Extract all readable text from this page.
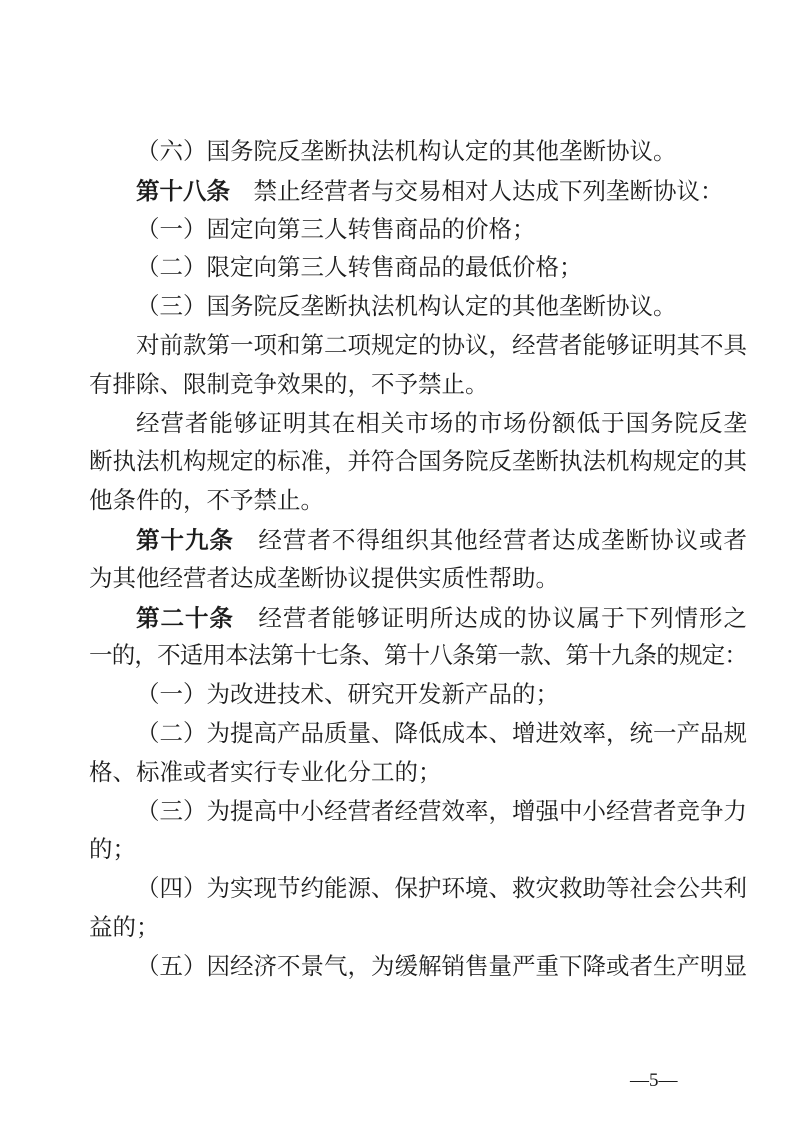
（六）国务院反垄断执法机构认定的其他垄断协议。
第十八条　禁止经营者与交易相对人达成下列垄断协议：
（一）固定向第三人转售商品的价格；
（二）限定向第三人转售商品的最低价格；
（三）国务院反垄断执法机构认定的其他垄断协议。
对前款第一项和第二项规定的协议，经营者能够证明其不具
有排除、限制竞争效果的，不予禁止。
经营者能够证明其在相关市场的市场份额低于国务院反垄
断执法机构规定的标准，并符合国务院反垄断执法机构规定的其
他条件的，不予禁止。
第十九条　经营者不得组织其他经营者达成垄断协议或者
为其他经营者达成垄断协议提供实质性帮助。
第二十条　经营者能够证明所达成的协议属于下列情形之
一的，不适用本法第十七条、第十八条第一款、第十九条的规定：
（一）为改进技术、研究开发新产品的；
（二）为提高产品质量、降低成本、增进效率，统一产品规
格、标准或者实行专业化分工的；
（三）为提高中小经营者经营效率，增强中小经营者竞争力
的；
（四）为实现节约能源、保护环境、救灾救助等社会公共利
益的；
（五）因经济不景气，为缓解销售量严重下降或者生产明显
—5—
